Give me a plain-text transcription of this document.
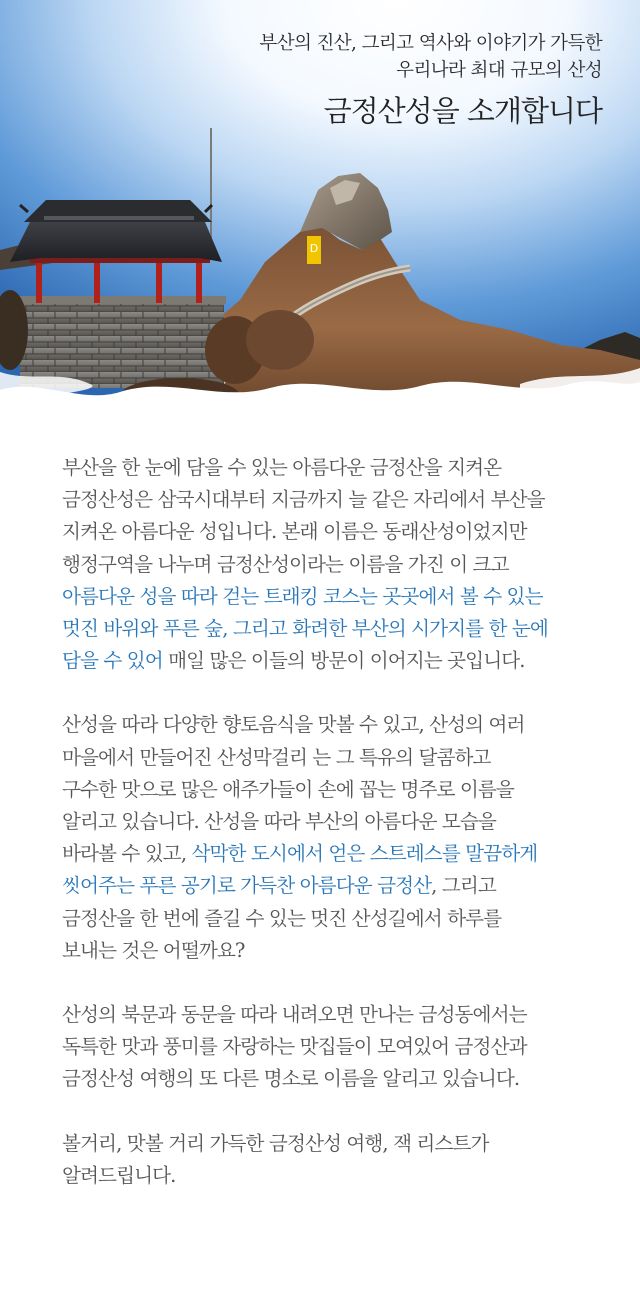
D
부산의 진산, 그리고 역사와 이야기가 가득한
우리나라 최대 규모의 산성
금정산성을 소개합니다
부산을 한 눈에 담을 수 있는 아름다운 금정산을 지켜온
금정산성은 삼국시대부터 지금까지 늘 같은 자리에서 부산을
지켜온 아름다운 성입니다. 본래 이름은 동래산성이었지만
행정구역을 나누며 금정산성이라는 이름을 가진 이 크고
아름다운 성을 따라 걷는 트래킹 코스는 곳곳에서 볼 수 있는
멋진 바위와 푸른 숲, 그리고 화려한 부산의 시가지를 한 눈에
담을 수 있어 매일 많은 이들의 방문이 이어지는 곳입니다.
산성을 따라 다양한 향토음식을 맛볼 수 있고, 산성의 여러
마을에서 만들어진 산성막걸리 는 그 특유의 달콤하고
구수한 맛으로 많은 애주가들이 손에 꼽는 명주로 이름을
알리고 있습니다. 산성을 따라 부산의 아름다운 모습을
바라볼 수 있고, 삭막한 도시에서 얻은 스트레스를 말끔하게
씻어주는 푸른 공기로 가득찬 아름다운 금정산, 그리고
금정산을 한 번에 즐길 수 있는 멋진 산성길에서 하루를
보내는 것은 어떨까요?
산성의 북문과 동문을 따라 내려오면 만나는 금성동에서는
독특한 맛과 풍미를 자랑하는 맛집들이 모여있어 금정산과
금정산성 여행의 또 다른 명소로 이름을 알리고 있습니다.
볼거리, 맛볼 거리 가득한 금정산성 여행, 잭 리스트가
알려드립니다.
